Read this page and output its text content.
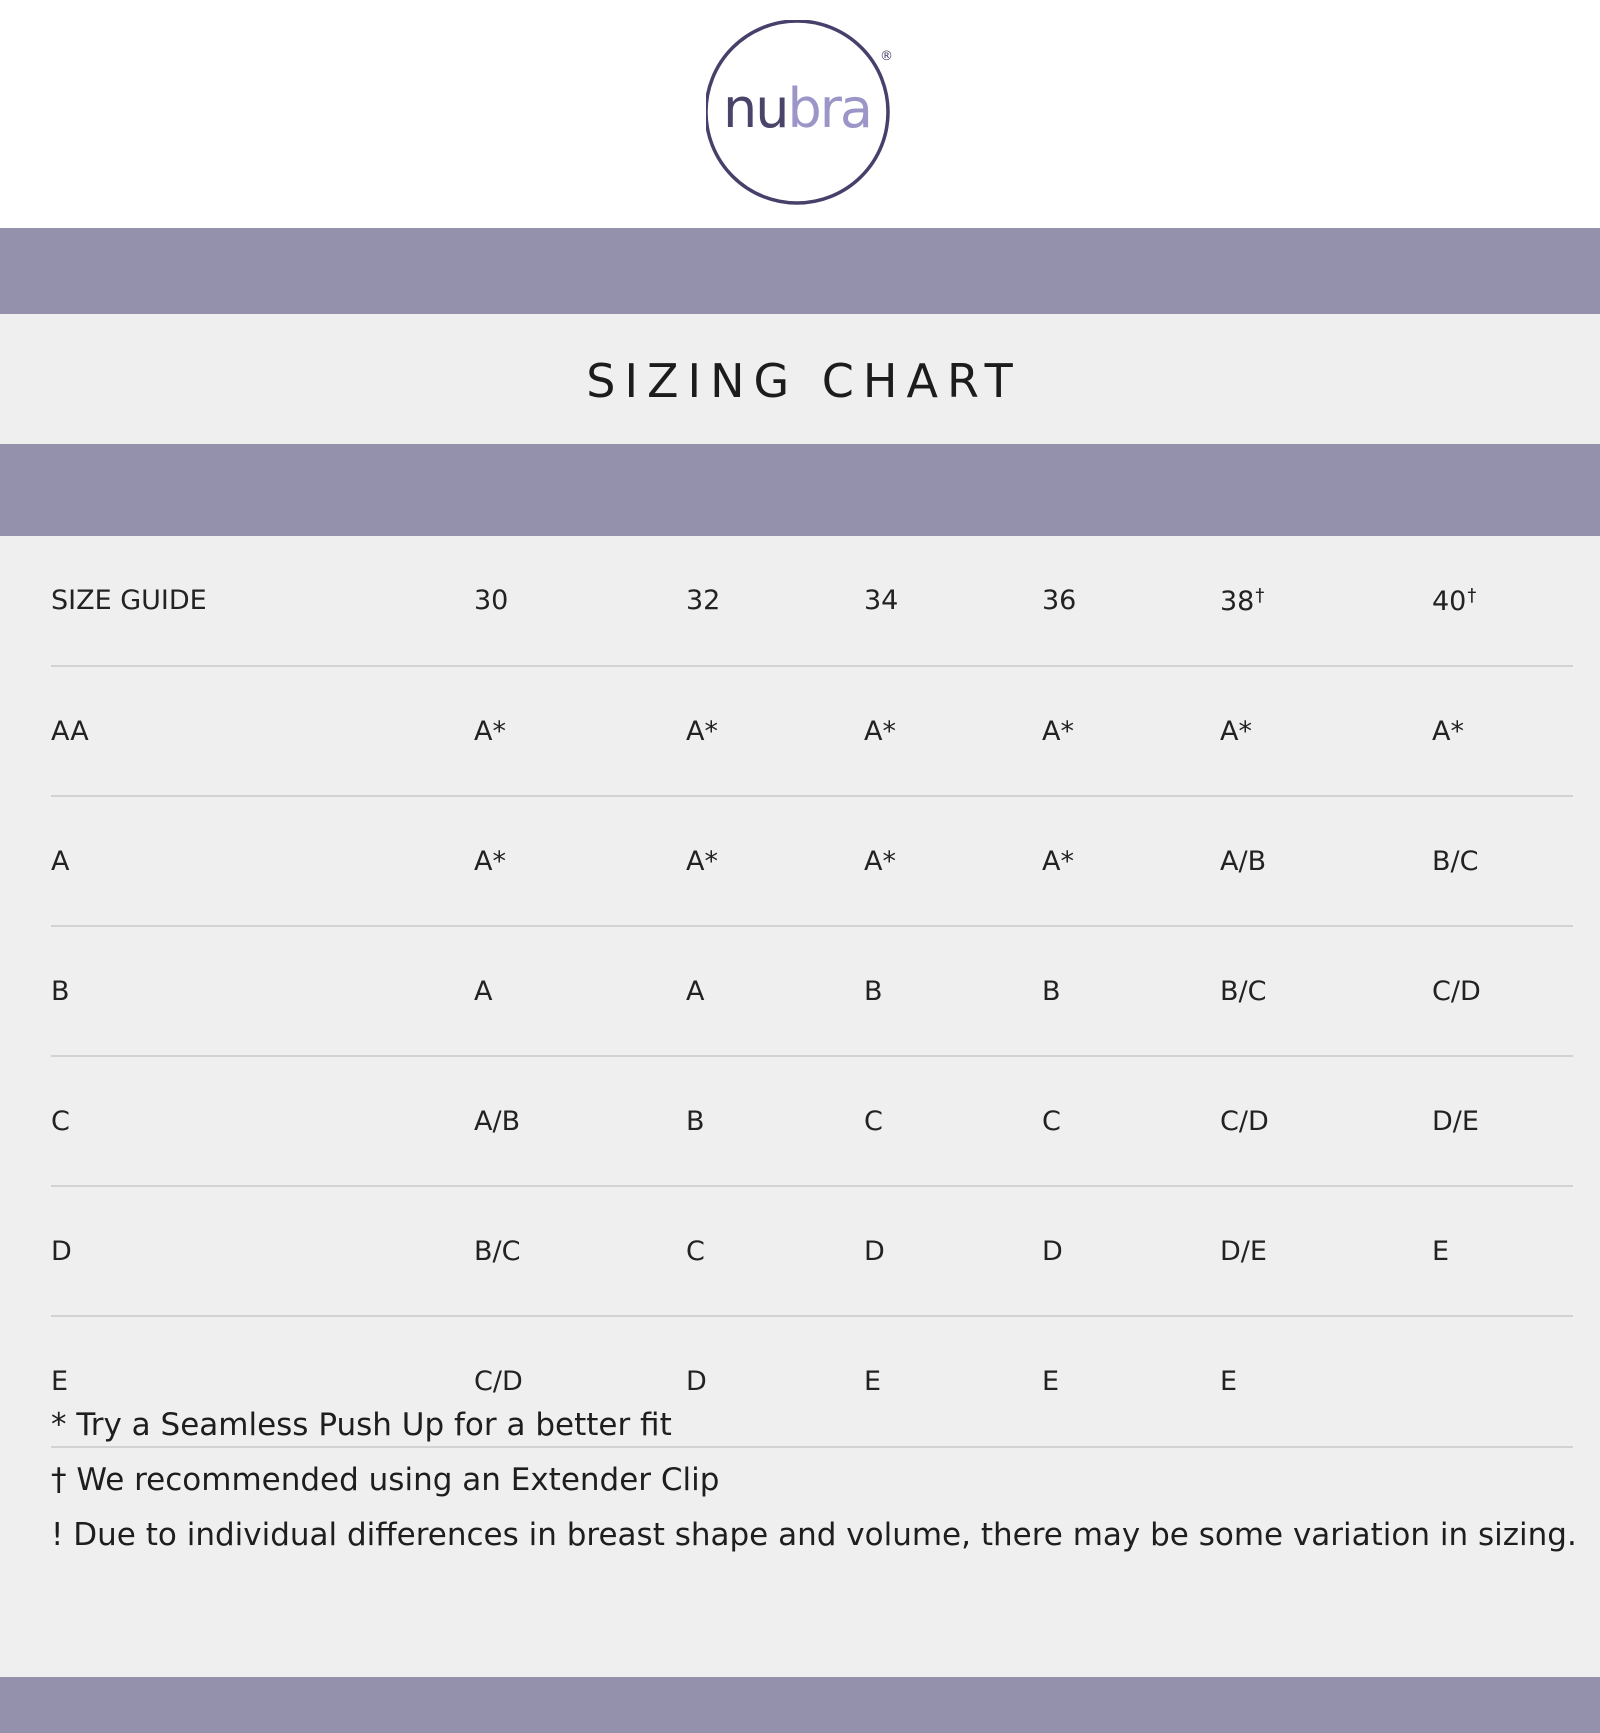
®
nubra
SIZING CHART
SIZE GUIDE	30	32	34	36	38†	40†
AA	A*	A*	A*	A*	A*	A*
A	A*	A*	A*	A*	A/B	B/C
B	A	A	B	B	B/C	C/D
C	A/B	B	C	C	C/D	D/E
D	B/C	C	D	D	D/E	E
E	C/D	D	E	E	E
* Try a Seamless Push Up for a better fit
† We recommended using an Extender Clip
! Due to individual differences in breast shape and volume, there may be some variation in sizing.
